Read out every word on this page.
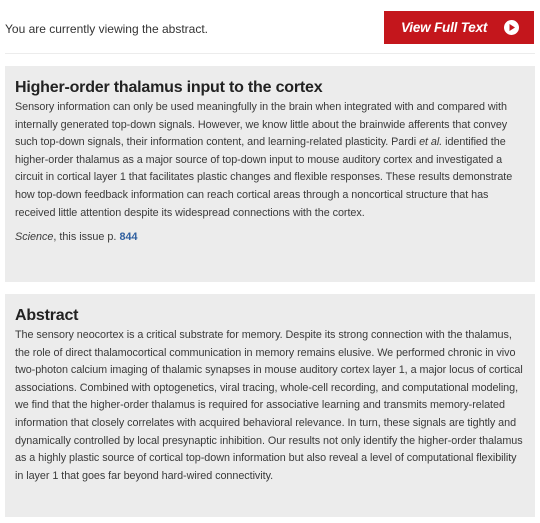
You are currently viewing the abstract.	View Full Text
Higher-order thalamus input to the cortex
Sensory information can only be used meaningfully in the brain when integrated with and compared with internally generated top-down signals. However, we know little about the brainwide afferents that convey such top-down signals, their information content, and learning-related plasticity. Pardi et al. identified the higher-order thalamus as a major source of top-down input to mouse auditory cortex and investigated a circuit in cortical layer 1 that facilitates plastic changes and flexible responses. These results demonstrate how top-down feedback information can reach cortical areas through a noncortical structure that has received little attention despite its widespread connections with the cortex.
Science, this issue p. 844
Abstract
The sensory neocortex is a critical substrate for memory. Despite its strong connection with the thalamus, the role of direct thalamocortical communication in memory remains elusive. We performed chronic in vivo two-photon calcium imaging of thalamic synapses in mouse auditory cortex layer 1, a major locus of cortical associations. Combined with optogenetics, viral tracing, whole-cell recording, and computational modeling, we find that the higher-order thalamus is required for associative learning and transmits memory-related information that closely correlates with acquired behavioral relevance. In turn, these signals are tightly and dynamically controlled by local presynaptic inhibition. Our results not only identify the higher-order thalamus as a highly plastic source of cortical top-down information but also reveal a level of computational flexibility in layer 1 that goes far beyond hard-wired connectivity.
